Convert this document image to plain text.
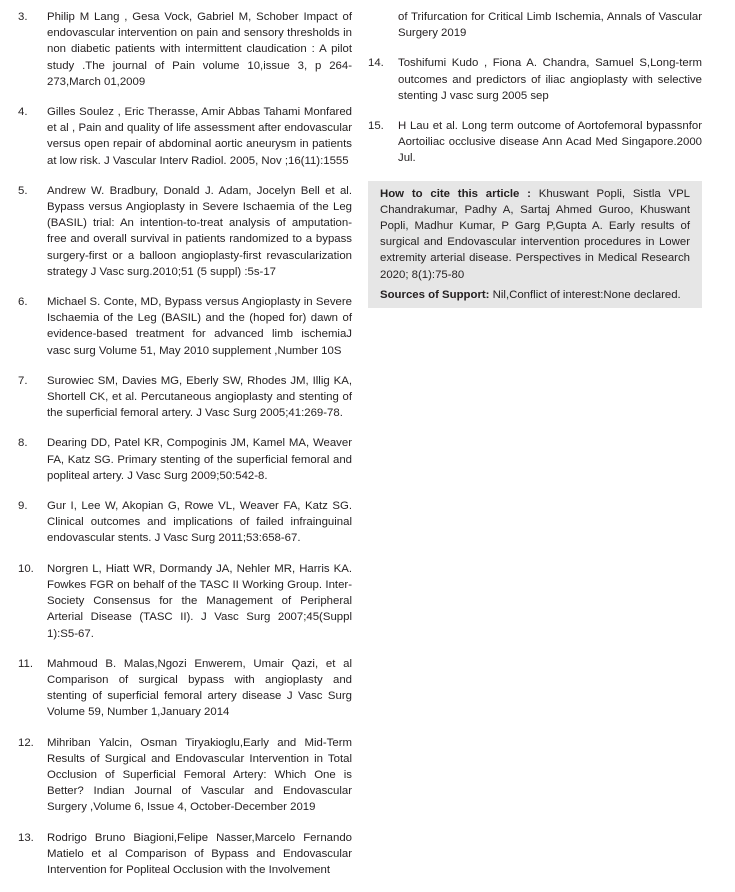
3.	Philip M Lang , Gesa Vock, Gabriel M, Schober Impact of endovascular intervention on pain and sensory thresholds in non diabetic patients with intermittent claudication : A pilot study .The journal of Pain volume 10,issue 3, p 264-273,March 01,2009
4.	Gilles Soulez , Eric Therasse, Amir Abbas Tahami Monfared et al , Pain and quality of life assessment after endovascular versus open repair of abdominal aortic aneurysm in patients at low risk. J Vascular Interv Radiol. 2005, Nov ;16(11):1555
5.	Andrew W. Bradbury, Donald J. Adam, Jocelyn Bell et al. Bypass versus Angioplasty in Severe Ischaemia of the Leg (BASIL) trial: An intention-to-treat analysis of amputation-free and overall survival in patients randomized to a bypass surgery-first or a balloon angioplasty-first revascularization strategy J Vasc surg.2010;51 (5 suppl) :5s-17
6.	Michael S. Conte, MD, Bypass versus Angioplasty in Severe Ischaemia of the Leg (BASIL) and the (hoped for) dawn of evidence-based treatment for advanced limb ischemiaJ vasc surg Volume 51, May 2010 supplement ,Number 10S
7.	Surowiec SM, Davies MG, Eberly SW, Rhodes JM, Illig KA, Shortell CK, et al. Percutaneous angioplasty and stenting of the superficial femoral artery. J Vasc Surg 2005;41:269-78.
8.	Dearing DD, Patel KR, Compoginis JM, Kamel MA, Weaver FA, Katz SG. Primary stenting of the superficial femoral and popliteal artery. J Vasc Surg 2009;50:542-8.
9.	Gur I, Lee W, Akopian G, Rowe VL, Weaver FA, Katz SG. Clinical outcomes and implications of failed infrainguinal endovascular stents. J Vasc Surg 2011;53:658-67.
10.	Norgren L, Hiatt WR, Dormandy JA, Nehler MR, Harris KA. Fowkes FGR on behalf of the TASC II Working Group. Inter-Society Consensus for the Management of Peripheral Arterial Disease (TASC II). J Vasc Surg 2007;45(Suppl 1):S5-67.
11.	Mahmoud B. Malas,Ngozi Enwerem, Umair Qazi, et al Comparison of surgical bypass with angioplasty and stenting of superficial femoral artery disease J Vasc Surg Volume 59, Number 1,January 2014
12.	Mihriban Yalcin, Osman Tiryakioglu,Early and Mid-Term Results of Surgical and Endovascular Intervention in Total Occlusion of Superficial Femoral Artery: Which One is Better? Indian Journal of Vascular and Endovascular Surgery ,Volume 6, Issue 4, October-December 2019
13.	Rodrigo Bruno Biagioni,Felipe Nasser,Marcelo Fernando Matielo et al Comparison of Bypass and Endovascular Intervention for Popliteal Occlusion with the Involvement
of Trifurcation for Critical Limb Ischemia, Annals of Vascular Surgery 2019
14.	Toshifumi Kudo , Fiona A. Chandra, Samuel S,Long-term outcomes and predictors of iliac angioplasty with selective stenting J vasc surg 2005 sep
15.	H Lau et al. Long term outcome of Aortofemoral bypassnfor Aortoiliac occlusive disease Ann Acad Med Singapore.2000 Jul.

How to cite this article : Khuswant Popli, Sistla VPL Chandrakumar, Padhy A, Sartaj Ahmed Guroo, Khuswant Popli, Madhur Kumar, P Garg P,Gupta A. Early results of surgical and Endovascular intervention procedures in Lower extremity arterial disease. Perspectives in Medical Research 2020; 8(1):75-80

Sources of Support: Nil,Conflict of interest:None declared.
